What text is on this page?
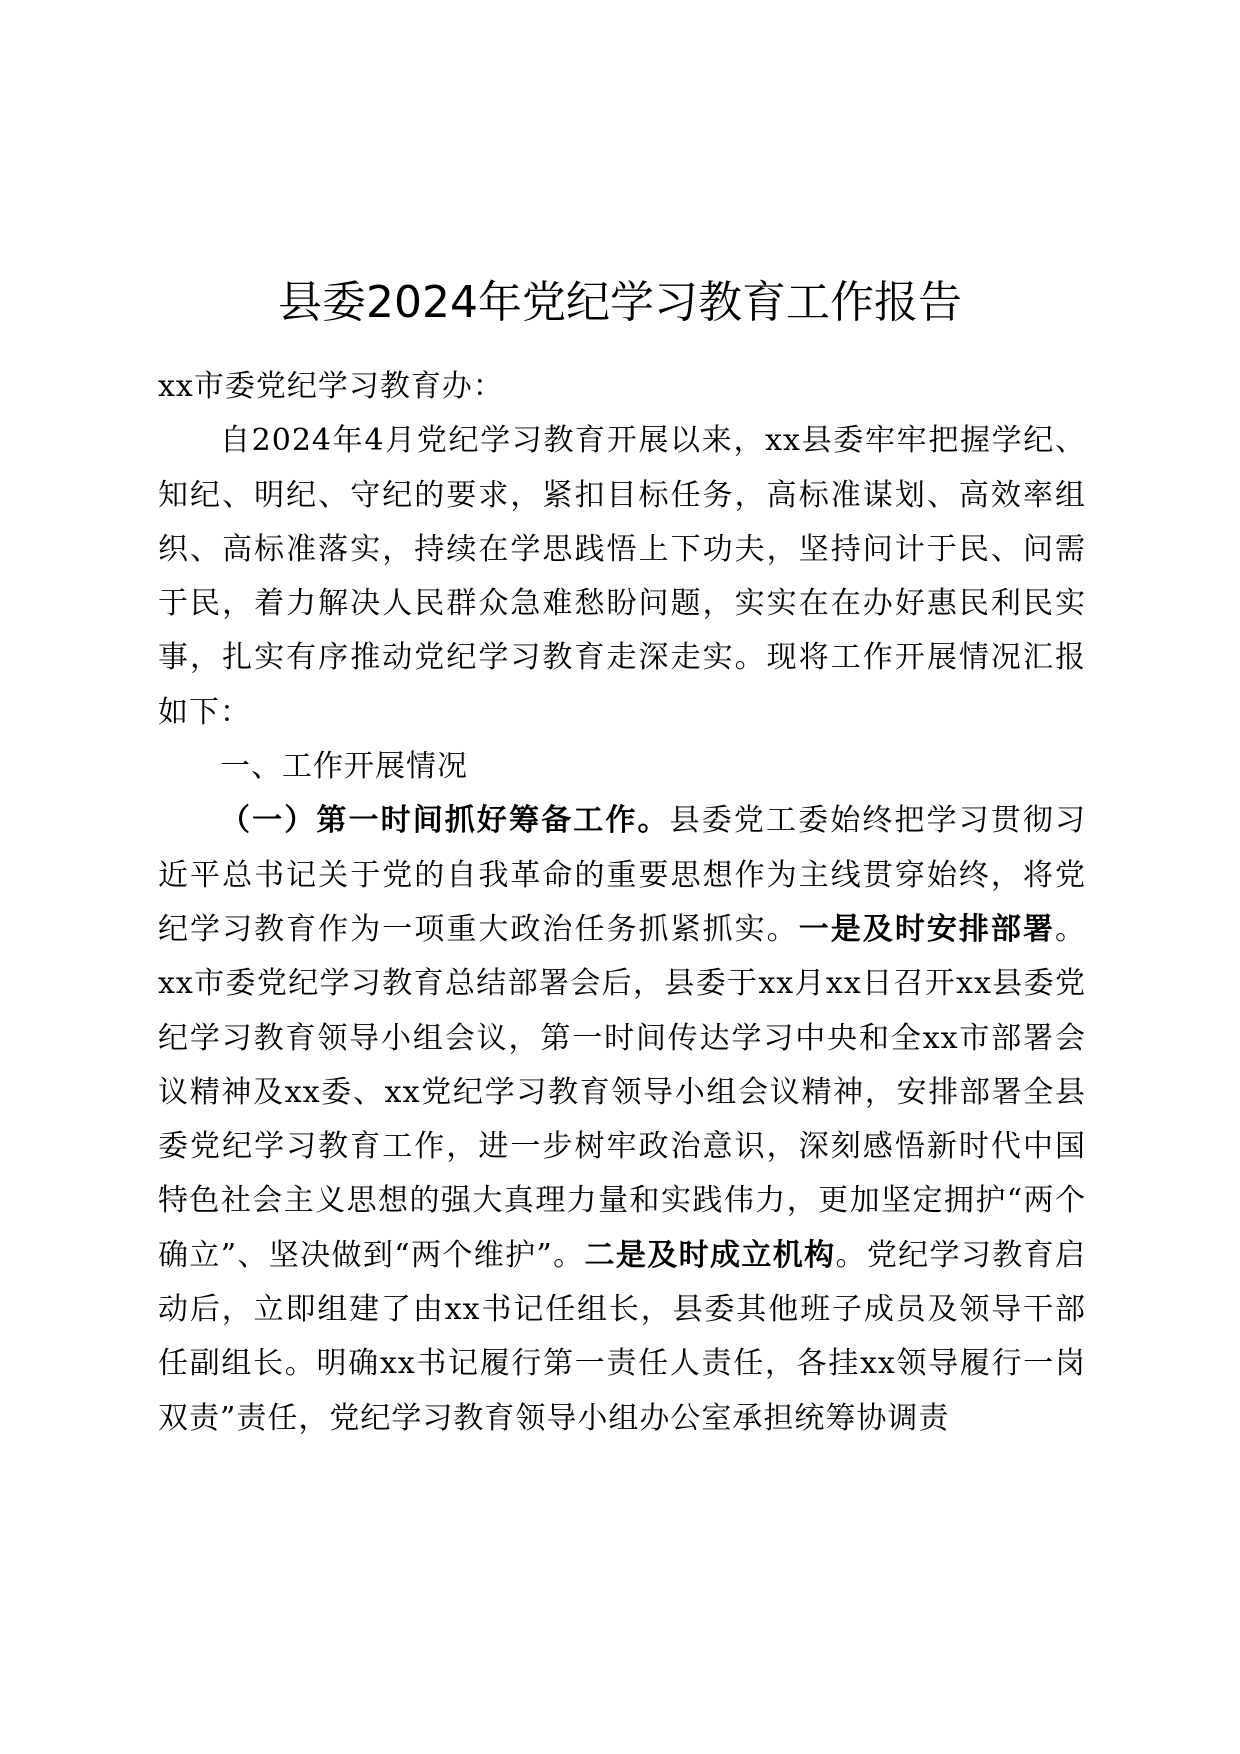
县委2024年党纪学习教育工作报告

xx市委党纪学习教育办：

自2024年4月党纪学习教育开展以来，xx县委牢牢把握学纪、知纪、明纪、守纪的要求，紧扣目标任务，高标准谋划、高效率组织、高标准落实，持续在学思践悟上下功夫，坚持问计于民、问需于民，着力解决人民群众急难愁盼问题，实实在在办好惠民利民实事，扎实有序推动党纪学习教育走深走实。现将工作开展情况汇报如下：

一、工作开展情况

（一）第一时间抓好筹备工作。县委党工委始终把学习贯彻习近平总书记关于党的自我革命的重要思想作为主线贯穿始终，将党纪学习教育作为一项重大政治任务抓紧抓实。一是及时安排部署。xx市委党纪学习教育总结部署会后，县委于xx月xx日召开xx县委党纪学习教育领导小组会议，第一时间传达学习中央和全xx市部署会议精神及xx委、xx党纪学习教育领导小组会议精神，安排部署全县委党纪学习教育工作，进一步树牢政治意识，深刻感悟新时代中国特色社会主义思想的强大真理力量和实践伟力，更加坚定拥护“两个确立”、坚决做到“两个维护”。二是及时成立机构。党纪学习教育启动后，立即组建了由xx书记任组长，县委其他班子成员及领导干部任副组长。明确xx书记履行第一责任人责任，各挂xx领导履行一岗双责”责任，党纪学习教育领导小组办公室承担统筹协调责
